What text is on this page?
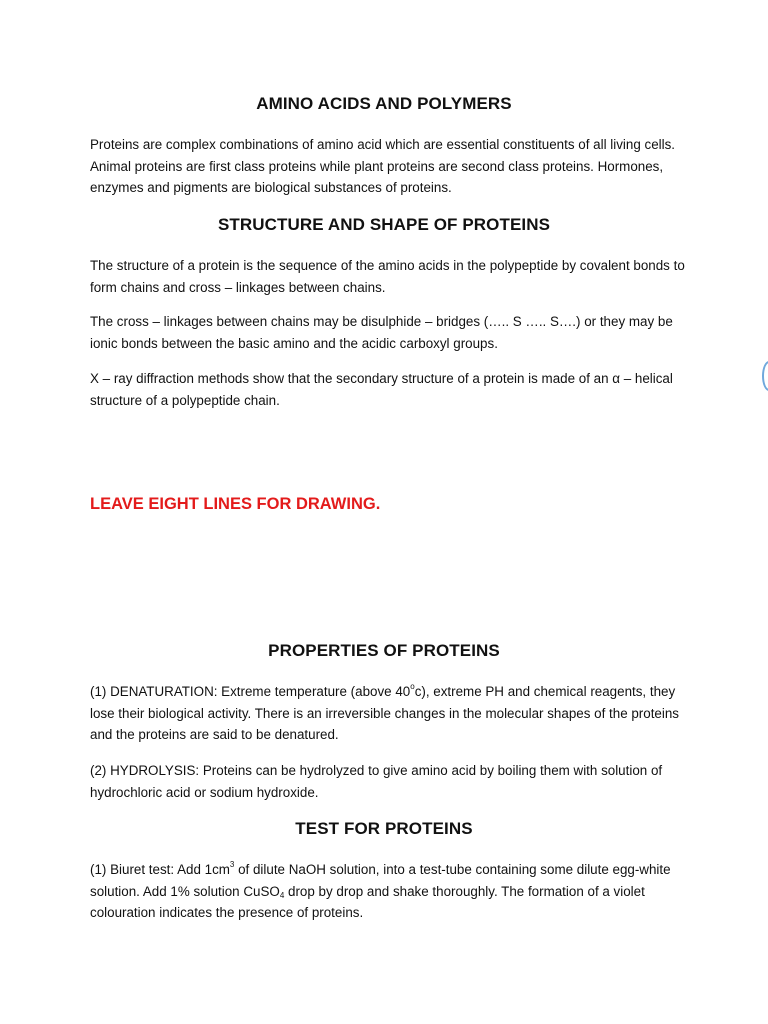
AMINO ACIDS AND POLYMERS

Proteins are complex combinations of amino acid which are essential constituents of all living cells. Animal proteins are first class proteins while plant proteins are second class proteins. Hormones, enzymes and pigments are biological substances of proteins.

STRUCTURE AND SHAPE OF PROTEINS

The structure of a protein is the sequence of the amino acids in the polypeptide by covalent bonds to form chains and cross – linkages between chains.

The cross – linkages between chains may be disulphide – bridges (….. S ….. S….) or they may be ionic bonds between the basic amino and the acidic carboxyl groups.

X – ray diffraction methods show that the secondary structure of a protein is made of an α – helical structure of a polypeptide chain.

LEAVE EIGHT LINES FOR DRAWING.

PROPERTIES OF PROTEINS

(1) DENATURATION: Extreme temperature (above 40$^o$c), extreme PH and chemical reagents, they lose their biological activity. There is an irreversible changes in the molecular shapes of the proteins and the proteins are said to be denatured.

(2) HYDROLYSIS: Proteins can be hydrolyzed to give amino acid by boiling them with solution of hydrochloric acid or sodium hydroxide.

TEST FOR PROTEINS

(1) Biuret test: Add $1cm^3$ of dilute NaOH solution, into a test-tube containing some dilute egg-white solution. Add 1% solution CuSO$_4$ drop by drop and shake thoroughly. The formation of a violet colouration indicates the presence of proteins.
